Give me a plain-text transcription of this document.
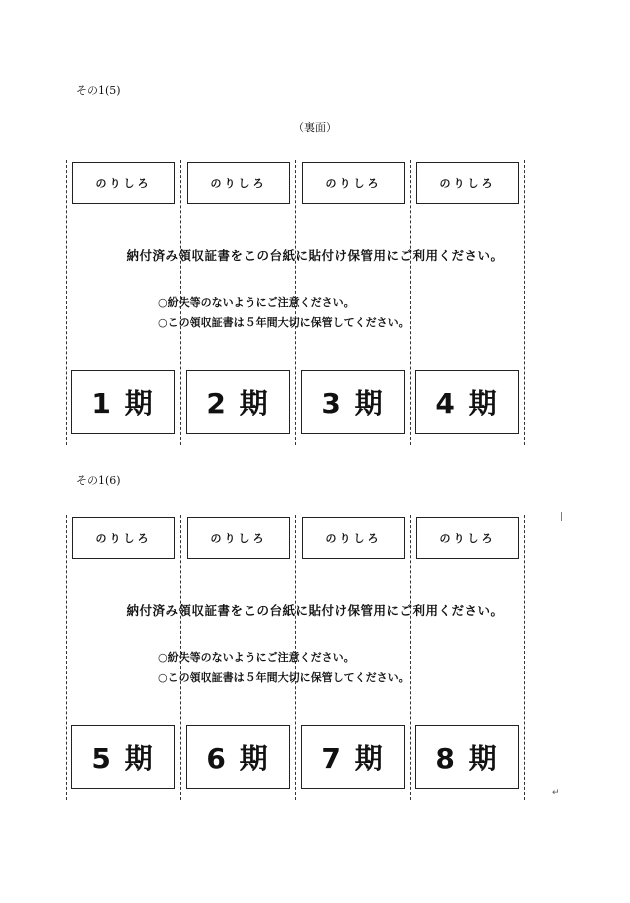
その1(5)
（裏面）
のりしろ	のりしろ	のりしろ	のりしろ
納付済み領収証書をこの台紙に貼付け保管用にご利用ください。
○紛失等のないようにご注意ください。
○この領収証書は５年間大切に保管してください。
1 期	2 期	3 期	4 期
その1(6)
のりしろ	のりしろ	のりしろ	のりしろ
納付済み領収証書をこの台紙に貼付け保管用にご利用ください。
○紛失等のないようにご注意ください。
○この領収証書は５年間大切に保管してください。
5 期	6 期	7 期	8 期
|
↵
